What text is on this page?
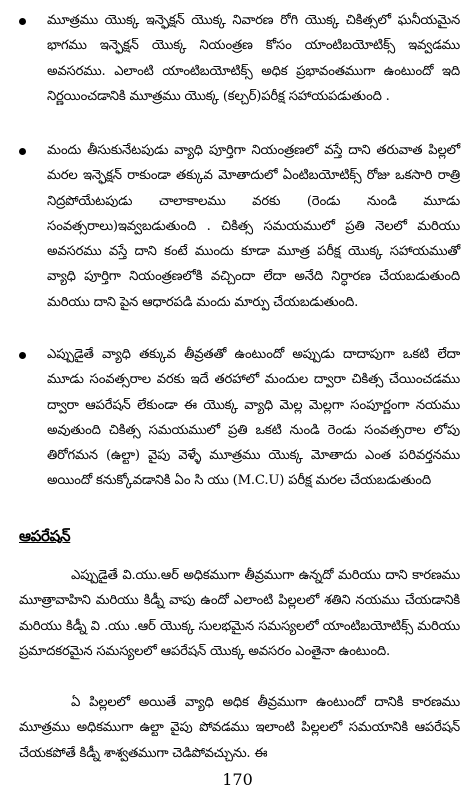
మూత్రము యొక్క ఇన్ఫెక్షన్ యొక్క నివారణ రోగి యొక్క చికిత్సలో ఘనీయమైన భాగము ఇన్ఫెక్షన్ యొక్క నియంత్రణ కోసం యాంటిబయోటిక్స్ ఇవ్వడము అవసరము. ఎలాంటి యాంటిబయోటిక్స్ అధిక ప్రభావంతముగా ఉంటుందో ఇది నిర్ణయించడానికి మూత్రము యొక్క (కల్చర్)పరీక్ష సహాయపడుతుంది .
మందు తీసుకునేటపుడు వ్యాధి పూర్తిగా నియంత్రణలో వస్తే దాని తరువాత పిల్లలో మరల ఇన్ఫెక్షన్ రాకుండా తక్కువ మోతాదులో ఏంటిబయోటిక్స్ రోజు ఒకసారి రాత్రి నిద్రపోయేటపుడు చాలాకాలము వరకు (రెండు నుండి మూడు సంవత్సరాలు)ఇవ్వబడుతుంది . చికిత్స సమయములో ప్రతి నెలలో మరియు అవసరము వస్తే దాని కంటే ముందు కూడా మూత్ర పరీక్ష యొక్క సహాయముతో వ్యాధి పూర్తిగా నియంత్రణలోకి వచ్చిందా లేదా అనేది నిర్ధారణ చేయబడుతుంది మరియు దాని పైన ఆధారపడి మందు మార్పు చేయబడుతుంది.
ఎప్పుడైతే వ్యాధి తక్కువ తీవ్రతతో ఉంటుందో అప్పుడు దాదాపుగా ఒకటి లేదా మూడు సంవత్సరాల వరకు ఇదే తరహాలో మందుల ద్వారా చికిత్స చేయించడము ద్వారా ఆపరేషన్ లేకుండా ఈ యొక్క వ్యాధి మెల్ల మెల్లగా సంపూర్ణంగా నయము అవుతుంది చికిత్స సమయములో ప్రతి ఒకటి నుండి రెండు సంవత్సరాల లోపు తిరోగమన (ఉల్టా) వైపు వెళ్ళే మూత్రము యొక్క మోతాదు ఎంత పరివర్తనము అయిందో కనుక్కోవడానికి ఏం సి యు (M.C.U) పరీక్ష మరల చేయబడుతుంది
ఆపరేషన్
ఎప్పుడైతే వి.యు.ఆర్ అధికముగా తీవ్రముగా ఉన్నదో మరియు దాని కారణము మూత్రావాహిని మరియు కిడ్నీ వాపు ఉందో ఎలాంటి పిల్లలలో శతిని నయము చేయడానికి మరియు కిడ్నీ వి .యు .ఆర్ యొక్క సులభమైన సమస్యలలో యాంటిబయోటిక్స్ మరియు ప్రమాదకరమైన సమస్యలలో ఆపరేషన్ యొక్క అవసరం ఎంతైనా ఉంటుంది.
ఏ పిల్లలలో అయితే వ్యాధి అధిక తీవ్రముగా ఉంటుందో దానికి కారణము మూత్రము అధికముగా ఉల్టా వైపు పోవడము ఇలాంటి పిల్లలలో సమయానికి ఆపరేషన్ చేయకపోతే కిడ్నీ శాశ్వతముగా చెడిపోవచ్చును. ఈ
170
